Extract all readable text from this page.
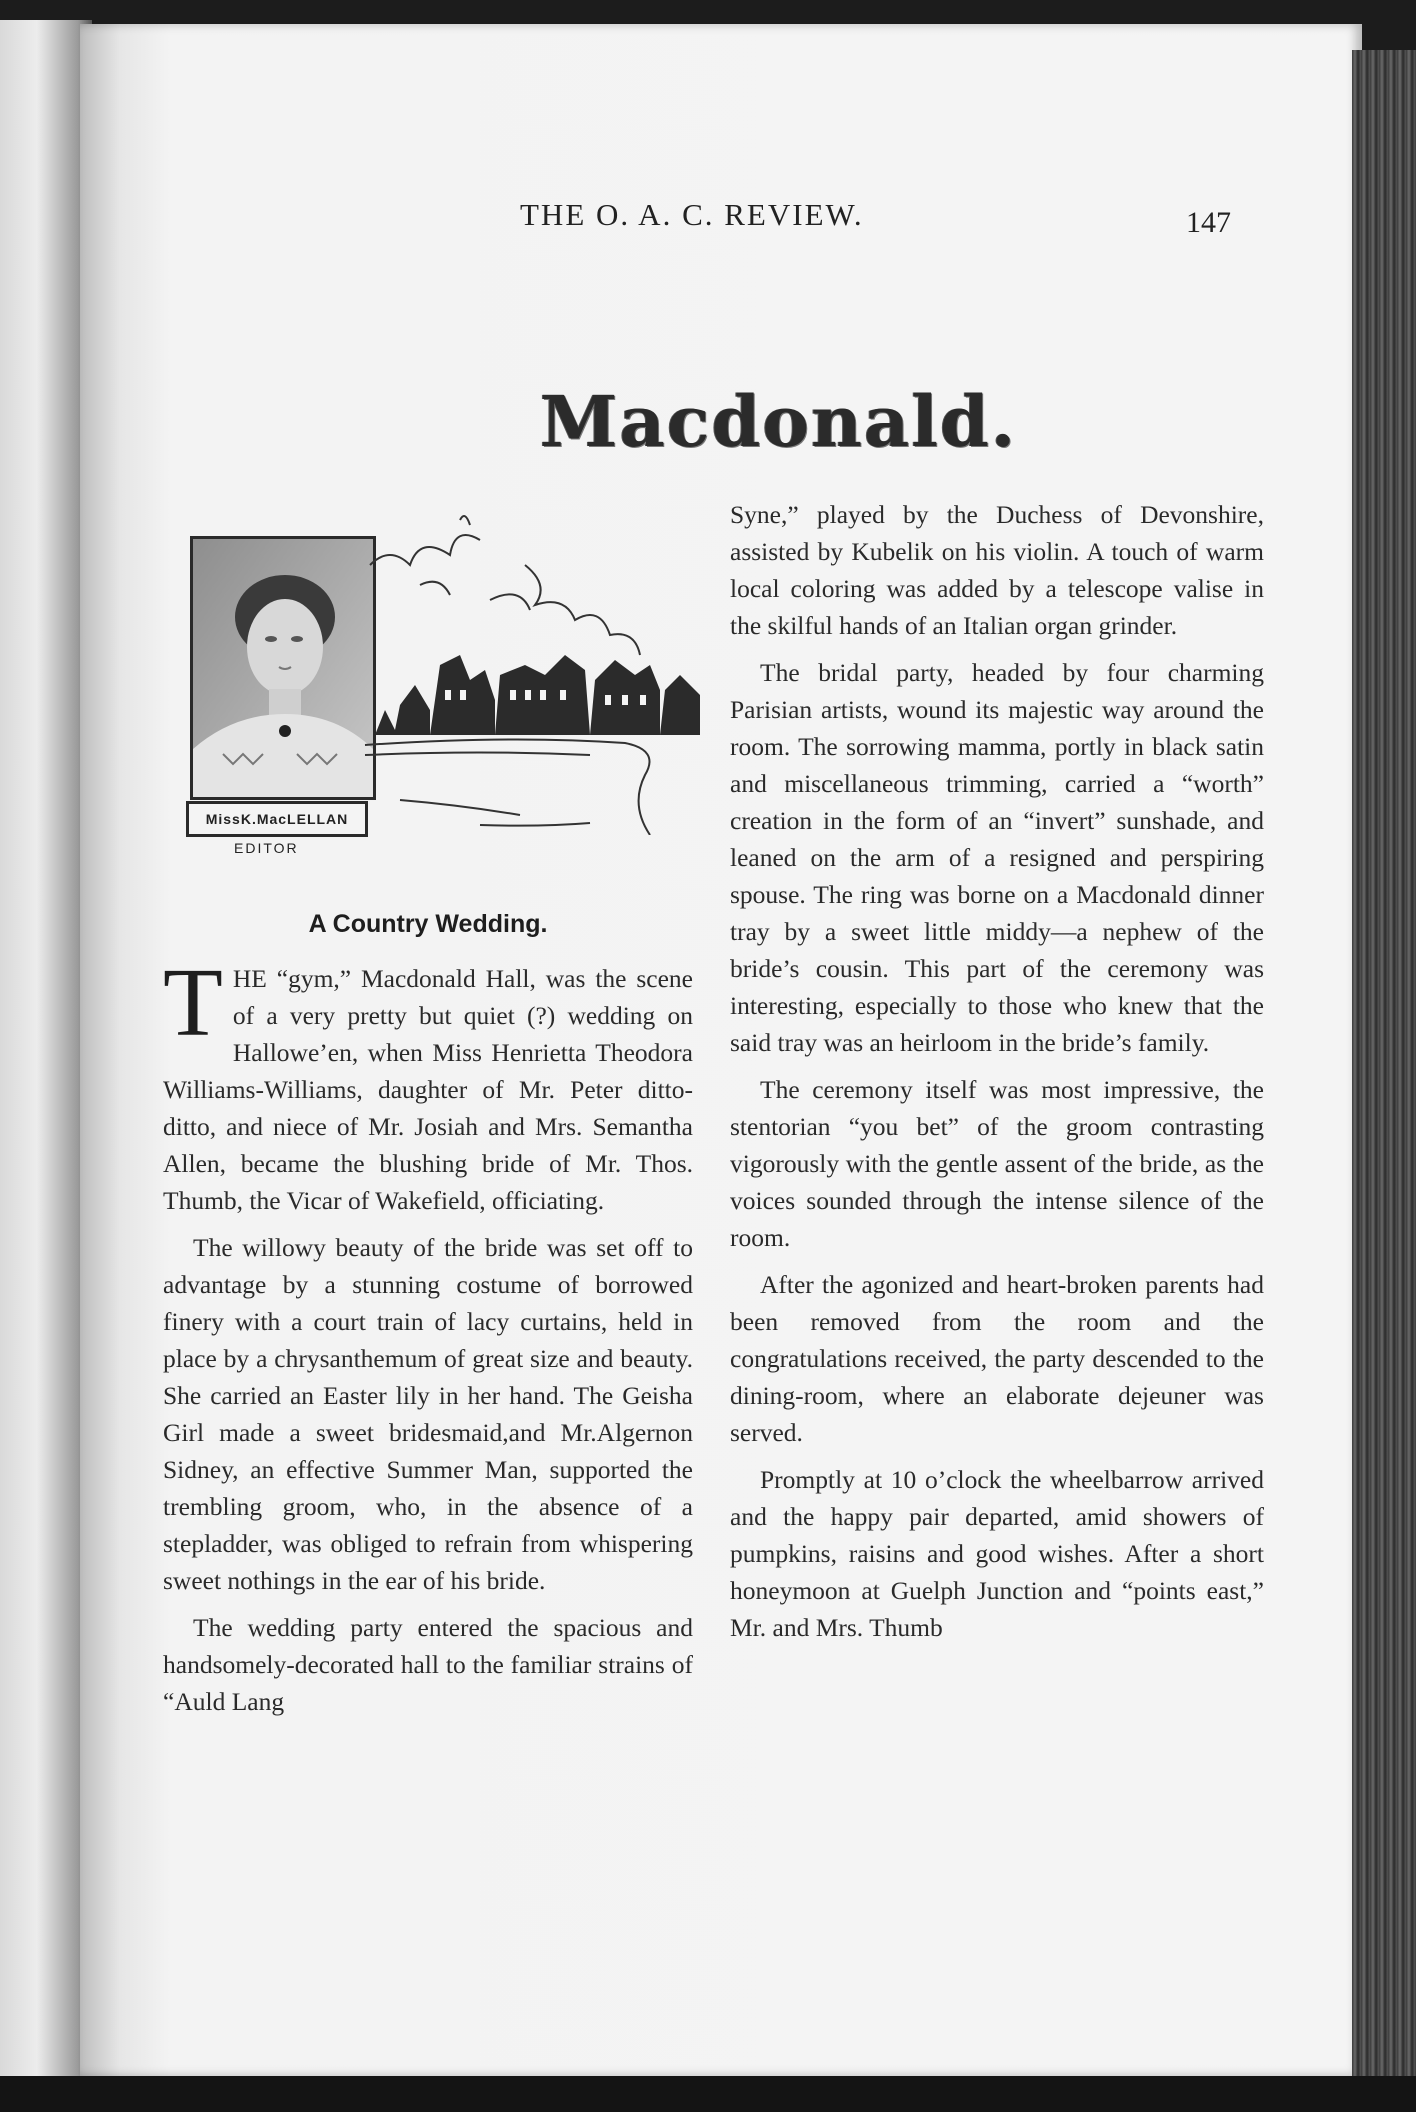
THE O. A. C. REVIEW.	147
Macdonald.
MissK.MacLELLAN
EDITOR
A Country Wedding.

THE “gym,” Macdonald Hall, was the scene of a very pretty but quiet (?) wedding on Hallowe’en, when Miss Henrietta Theodora Williams-Williams, daughter of Mr. Peter ditto-ditto, and niece of Mr. Josiah and Mrs. Semantha Allen, became the blushing bride of Mr. Thos. Thumb, the Vicar of Wakefield, officiating.

The willowy beauty of the bride was set off to advantage by a stunning costume of borrowed finery with a court train of lacy curtains, held in place by a chrysanthemum of great size and beauty. She carried an Easter lily in her hand. The Geisha Girl made a sweet bridesmaid,and Mr.Algernon Sidney, an effective Summer Man, supported the trembling groom, who, in the absence of a stepladder, was obliged to refrain from whispering sweet nothings in the ear of his bride.

The wedding party entered the spacious and handsomely-decorated hall to the familiar strains of “Auld Lang

Syne,” played by the Duchess of Devonshire, assisted by Kubelik on his violin. A touch of warm local coloring was added by a telescope valise in the skilful hands of an Italian organ grinder.

The bridal party, headed by four charming Parisian artists, wound its majestic way around the room. The sorrowing mamma, portly in black satin and miscellaneous trimming, carried a “worth” creation in the form of an “invert” sunshade, and leaned on the arm of a resigned and perspiring spouse. The ring was borne on a Macdonald dinner tray by a sweet little middy—a nephew of the bride’s cousin. This part of the ceremony was interesting, especially to those who knew that the said tray was an heirloom in the bride’s family.

The ceremony itself was most impressive, the stentorian “you bet” of the groom contrasting vigorously with the gentle assent of the bride, as the voices sounded through the intense silence of the room.

After the agonized and heart-broken parents had been removed from the room and the congratulations received, the party descended to the dining-room, where an elaborate dejeuner was served.

Promptly at 10 o’clock the wheelbarrow arrived and the happy pair departed, amid showers of pumpkins, raisins and good wishes. After a short honeymoon at Guelph Junction and “points east,” Mr. and Mrs. Thumb
